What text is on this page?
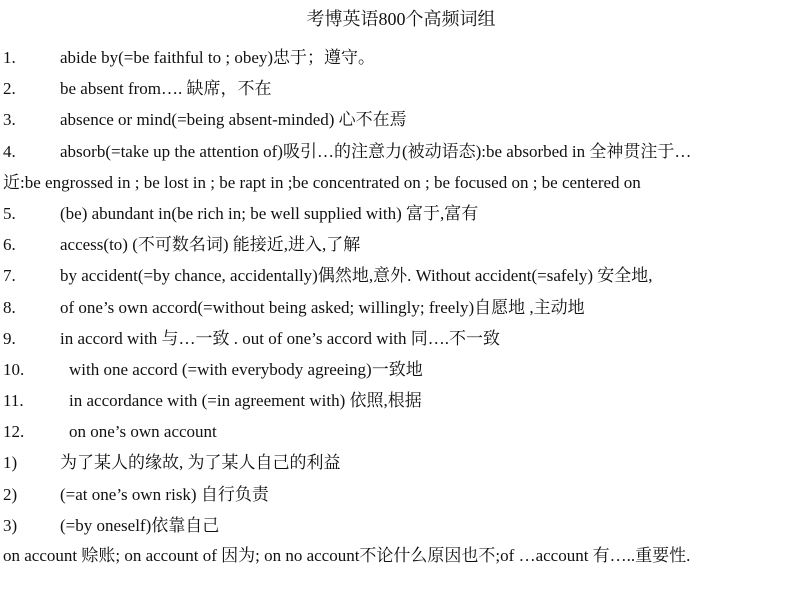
考博英语800个高频词组
1.	abide by(=be faithful to ; obey)忠于；遵守。
2.	be absent from…. 缺席，不在
3.	absence or mind(=being absent-minded) 心不在焉
4.	absorb(=take up the attention of)吸引…的注意力(被动语态):be absorbed in 全神贯注于…
近:be engrossed in ; be lost in ; be rapt in ;be concentrated on ; be focused on ; be centered on
5.	(be) abundant in(be rich in; be well supplied with) 富于,富有
6.	access(to) (不可数名词) 能接近,进入,了解
7.	by accident(=by chance, accidentally)偶然地,意外. Without accident(=safely) 安全地,
8.	of one’s own accord(=without being asked; willingly; freely)自愿地 ,主动地
9.	in accord with 与…一致 . out of one’s accord with 同….不一致
10.	with one accord (=with everybody agreeing)一致地
11.	in accordance with (=in agreement with) 依照,根据
12.	on one’s own account
1)	为了某人的缘故, 为了某人自己的利益
2)	(=at one’s own risk) 自行负责
3)	(=by oneself)依靠自己
on account 赊账; on account of 因为; on no account不论什么原因也不;of …account 有…..重要性.
